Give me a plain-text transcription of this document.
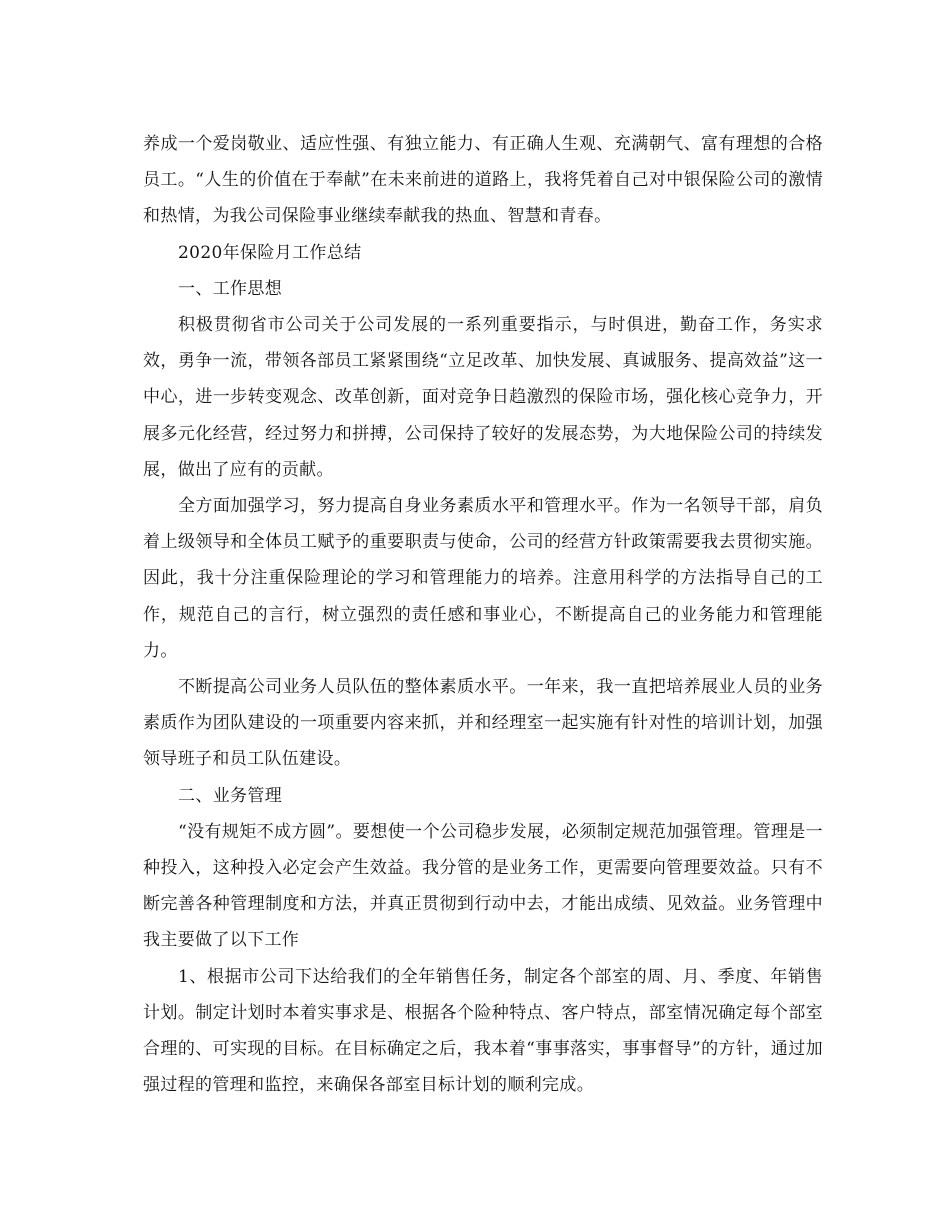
养成一个爱岗敬业、适应性强、有独立能力、有正确人生观、充满朝气、富有理想的合格员工。“人生的价值在于奉献”在未来前进的道路上，我将凭着自己对中银保险公司的激情和热情，为我公司保险事业继续奉献我的热血、智慧和青春。

2020年保险月工作总结

一、工作思想

积极贯彻省市公司关于公司发展的一系列重要指示，与时俱进，勤奋工作，务实求效，勇争一流，带领各部员工紧紧围绕“立足改革、加快发展、真诚服务、提高效益”这一中心，进一步转变观念、改革创新，面对竞争日趋激烈的保险市场，强化核心竞争力，开展多元化经营，经过努力和拼搏，公司保持了较好的发展态势，为大地保险公司的持续发展，做出了应有的贡献。

全方面加强学习，努力提高自身业务素质水平和管理水平。作为一名领导干部，肩负着上级领导和全体员工赋予的重要职责与使命，公司的经营方针政策需要我去贯彻实施。因此，我十分注重保险理论的学习和管理能力的培养。注意用科学的方法指导自己的工作，规范自己的言行，树立强烈的责任感和事业心，不断提高自己的业务能力和管理能力。

不断提高公司业务人员队伍的整体素质水平。一年来，我一直把培养展业人员的业务素质作为团队建设的一项重要内容来抓，并和经理室一起实施有针对性的培训计划，加强领导班子和员工队伍建设。

二、业务管理

“没有规矩不成方圆”。要想使一个公司稳步发展，必须制定规范加强管理。管理是一种投入，这种投入必定会产生效益。我分管的是业务工作，更需要向管理要效益。只有不断完善各种管理制度和方法，并真正贯彻到行动中去，才能出成绩、见效益。业务管理中我主要做了以下工作

1、根据市公司下达给我们的全年销售任务，制定各个部室的周、月、季度、年销售计划。制定计划时本着实事求是、根据各个险种特点、客户特点，部室情况确定每个部室合理的、可实现的目标。在目标确定之后，我本着“事事落实，事事督导”的方针，通过加强过程的管理和监控，来确保各部室目标计划的顺利完成。
